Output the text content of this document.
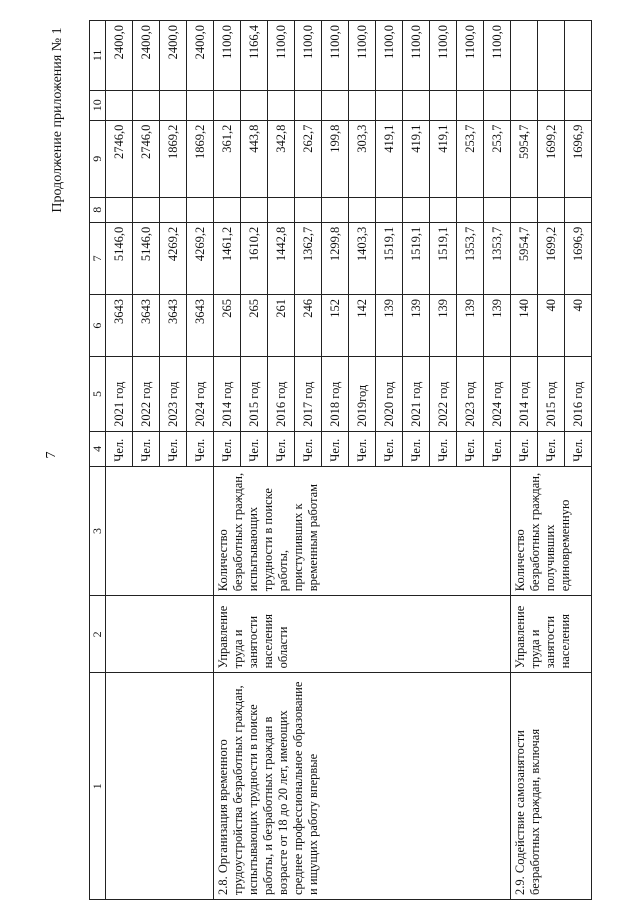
7
Продолжение приложения № 1
1	2	3	4	5	6	7	8	9	10	11
			Чел.	2021 год	3643	5146,0		2746,0		2400,0
			Чел.	2022 год	3643	5146,0		2746,0		2400,0
			Чел.	2023 год	3643	4269,2		1869,2		2400,0
			Чел.	2024 год	3643	4269,2		1869,2		2400,0
2.8. Организация временного трудоустройства безработных граждан, испытывающих трудности в поиске работы, и безработных граждан в возрасте от 18 до 20 лет, имеющих среднее профессиональное образование и ищущих работу впервые	Управление труда и занятости населения области	Количество безработных граждан, испытывающих трудности в поиске работы, приступивших к временным работам	Чел.	2014 год	265	1461,2		361,2		1100,0
			Чел.	2015 год	265	1610,2		443,8		1166,4
			Чел.	2016 год	261	1442,8		342,8		1100,0
			Чел.	2017 год	246	1362,7		262,7		1100,0
			Чел.	2018 год	152	1299,8		199,8		1100,0
			Чел.	2019год	142	1403,3		303,3		1100,0
			Чел.	2020 год	139	1519,1		419,1		1100,0
			Чел.	2021 год	139	1519,1		419,1		1100,0
			Чел.	2022 год	139	1519,1		419,1		1100,0
			Чел.	2023 год	139	1353,7		253,7		1100,0
			Чел.	2024 год	139	1353,7		253,7		1100,0
2.9. Содействие самозанятости безработных граждан, включая	Управление труда и занятости населения	Количество безработных граждан, получивших единовременную	Чел.	2014 год	140	5954,7		5954,7		
			Чел.	2015 год	40	1699,2		1699,2		
			Чел.	2016 год	40	1696,9		1696,9		
